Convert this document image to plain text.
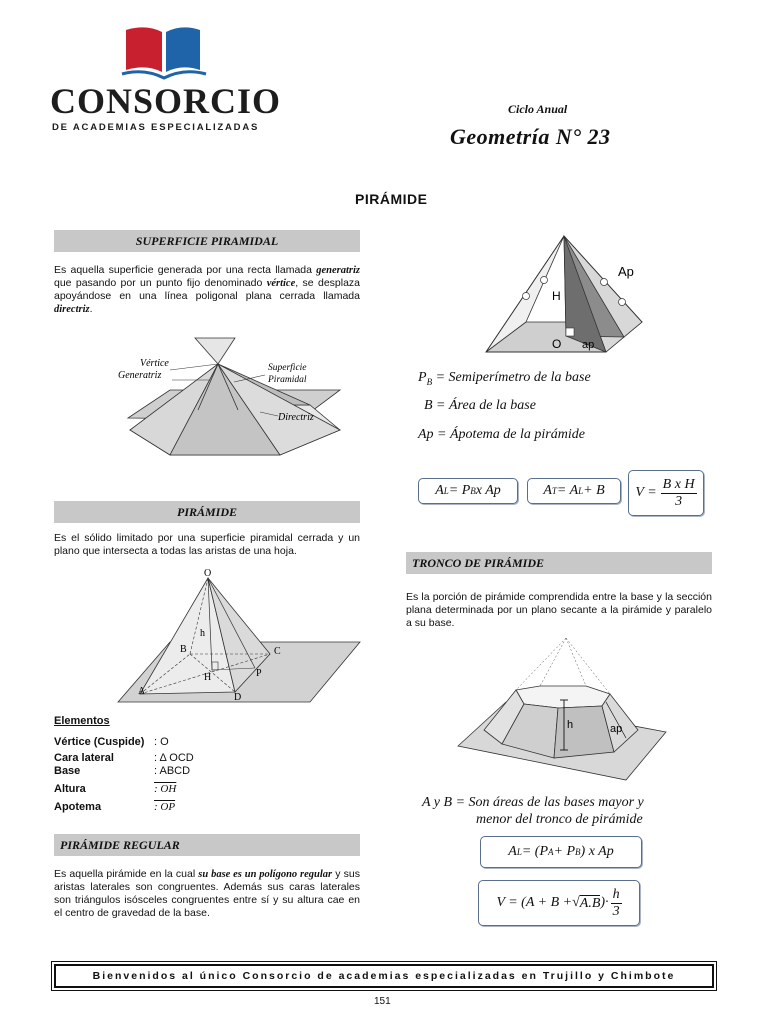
CONSORCIO
DE ACADEMIAS ESPECIALIZADAS
Ciclo Anual
Geometría N° 23
PIRÁMIDE
SUPERFICIE PIRAMIDAL
Es aquella superficie generada por una recta llamada generatriz que pasando por un punto fijo denominado vértice, se desplaza apoyándose en una línea poligonal plana cerrada llamada directriz.
Vértice
Generatriz
Superficie
Piramidal
Directriz
PIRÁMIDE
Es el sólido limitado por una superficie piramidal cerrada y un plano que intersecta a todas las aristas de una hoja.
O
h
B	C
P
H
A
D
Elementos
Vértice (Cuspide) : O
Cara lateral	: Δ OCD
Base	: ABCD
Altura	: OH
Apotema	: OP
PIRÁMIDE REGULAR
Es aquella pirámide en la cual su base es un polígono regular y sus aristas laterales son congruentes. Además sus caras laterales son triángulos isósceles congruentes entre sí y su altura cae en el centro de gravedad de la base.
Ap
H
O ap
$P_B$ = Semiperímetro de la base
B = Área de la base
Ap = Ápotema de la pirámide
A L = P B x Ap	A T = A L + B $V = \frac{\text{B x H}}{3}$
TRONCO DE PIRÁMIDE
Es la porción de pirámide comprendida entre la base y la sección plana determinada por un plano secante a la pirámide y paralelo a su base.
h	ap
A y B = Son áreas de las bases mayor y
menor del tronco de pirámide
A L = (P A + P B ) x Ap
V = (A + B + √ A.B )·
h
3
Bienvenidos al único Consorcio de academias especializadas en Trujillo y Chimbote
151
